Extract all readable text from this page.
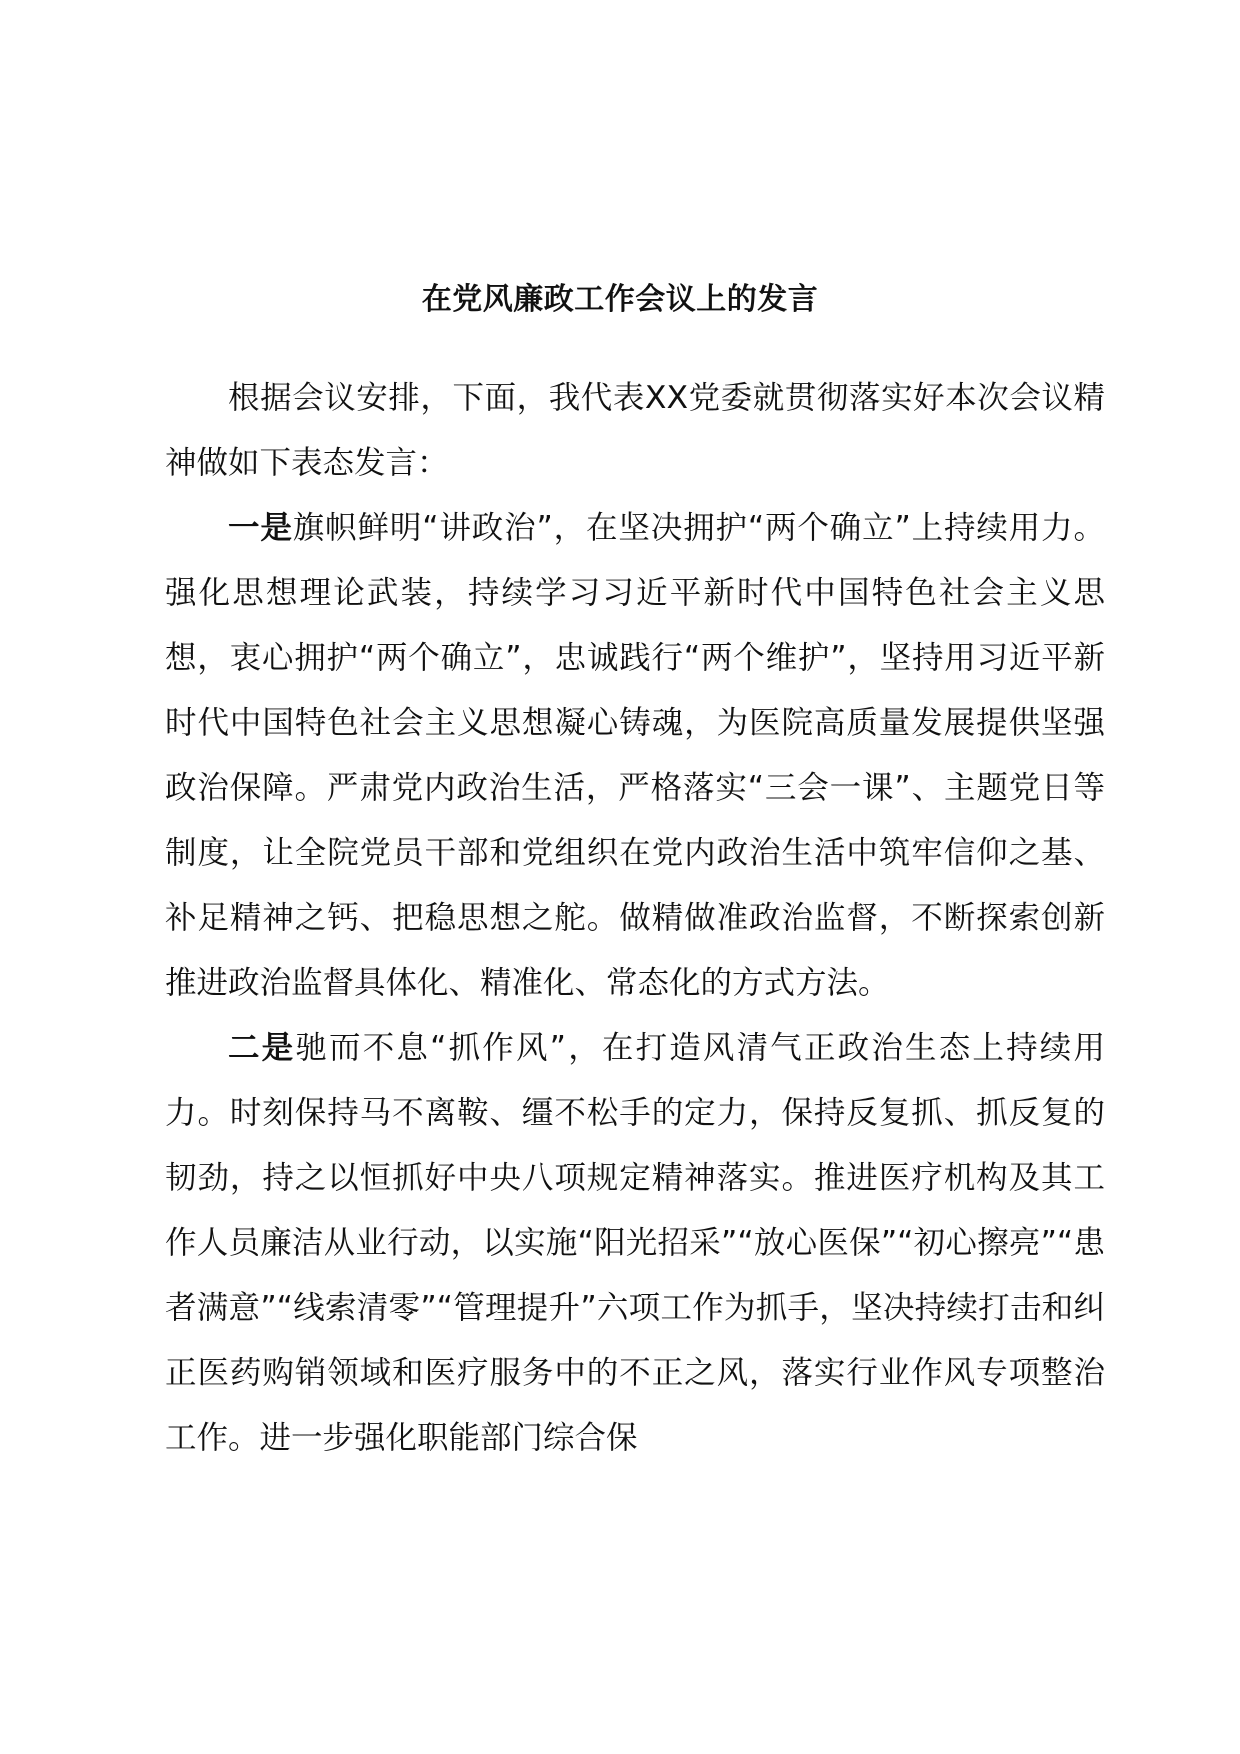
在党风廉政工作会议上的发言

根据会议安排，下面，我代表XX党委就贯彻落实好本次会议精神做如下表态发言：

一是旗帜鲜明“讲政治”，在坚决拥护“两个确立”上持续用力。强化思想理论武装，持续学习习近平新时代中国特色社会主义思想，衷心拥护“两个确立”，忠诚践行“两个维护”，坚持用习近平新时代中国特色社会主义思想凝心铸魂，为医院高质量发展提供坚强政治保障。严肃党内政治生活，严格落实“三会一课”、主题党日等制度，让全院党员干部和党组织在党内政治生活中筑牢信仰之基、补足精神之钙、把稳思想之舵。做精做准政治监督，不断探索创新推进政治监督具体化、精准化、常态化的方式方法。

二是驰而不息“抓作风”，在打造风清气正政治生态上持续用力。时刻保持马不离鞍、缰不松手的定力，保持反复抓、抓反复的韧劲，持之以恒抓好中央八项规定精神落实。推进医疗机构及其工作人员廉洁从业行动，以实施“阳光招采”“放心医保”“初心擦亮”“患者满意”“线索清零”“管理提升”六项工作为抓手，坚决持续打击和纠正医药购销领域和医疗服务中的不正之风，落实行业作风专项整治工作。进一步强化职能部门综合保
